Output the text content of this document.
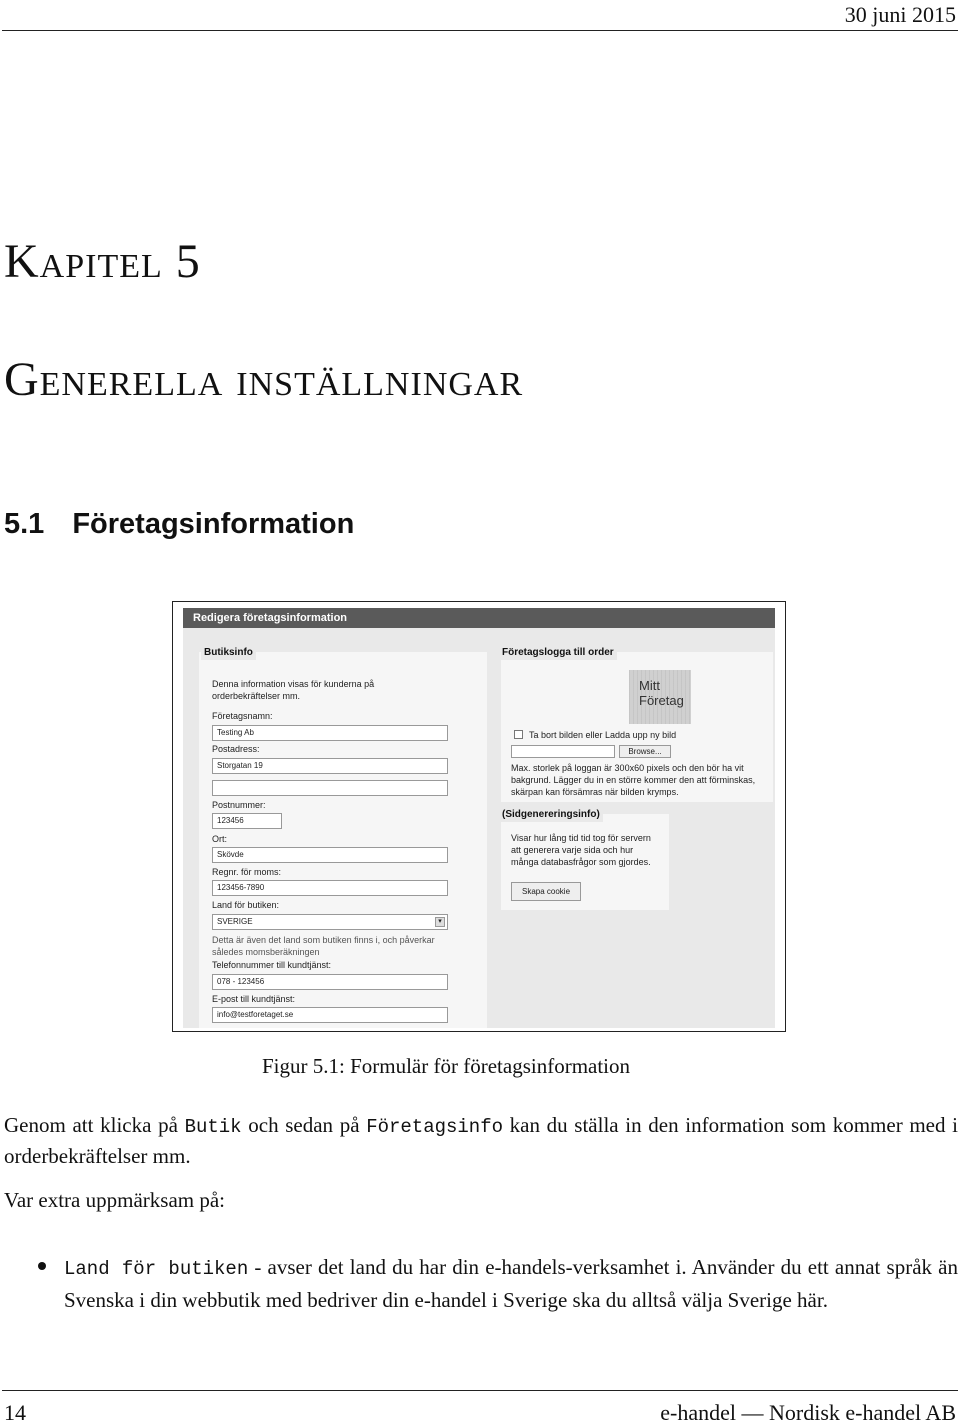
30 juni 2015
Kapitel 5
Generella inställningar
5.1 Företagsinformation
Redigera företagsinformation
Butiksinfo
Denna information visas för kunderna på orderbekräftelser mm.
Företagsnamn:
Testing Ab
Postadress:
Storgatan 19
Postnummer:
123456
Ort:
Skövde
Regnr. för moms:
123456-7890
Land för butiken:
SVERIGE	▾
Detta är även det land som butiken finns i, och påverkar således momsberäkningen
Telefonnummer till kundtjänst:
078 - 123456
E-post till kundtjänst:
info@testforetaget.se
Företagslogga till order
Mitt
Företag
Ta bort bilden eller Ladda upp ny bild
Browse...
Max. storlek på loggan är 300x60 pixels och den bör ha vit bakgrund. Lägger du in en större kommer den att förminskas, skärpan kan försämras när bilden krymps.
(Sidgenereringsinfo)
Visar hur lång tid tid tog för servern att generera varje sida och hur många databasfrågor som gjordes.
Skapa cookie
Figur 5.1: Formulär för företagsinformation
Genom att klicka på Butik och sedan på Företagsinfo kan du ställa in den information som kommer med i orderbekräftelser mm.
Var extra uppmärksam på:
Land för butiken - avser det land du har din e-handels-verksamhet i. Använder du ett annat språk än Svenska i din webbutik med bedriver din e-handel i Sverige ska du alltså välja Sverige här.
14	e-handel — Nordisk e-handel AB
